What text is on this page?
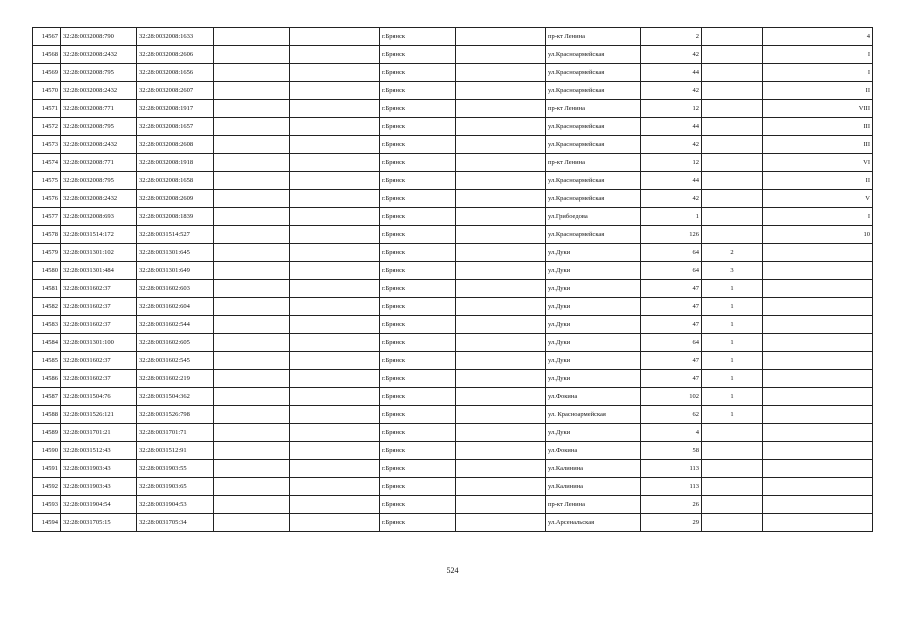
14567	32:28:0032008:790	32:28:0032008:1633			г.Брянск		пр-кт Ленина	2		4
14568	32:28:0032008:2432	32:28:0032008:2606			г.Брянск		ул.Красноармейская	42		I
14569	32:28:0032008:795	32:28:0032008:1656			г.Брянск		ул.Красноармейская	44		I
14570	32:28:0032008:2432	32:28:0032008:2607			г.Брянск		ул.Красноармейская	42		II
14571	32:28:0032008:771	32:28:0032008:1917			г.Брянск		пр-кт Ленина	12		VIII
14572	32:28:0032008:795	32:28:0032008:1657			г.Брянск		ул.Красноармейская	44		III
14573	32:28:0032008:2432	32:28:0032008:2608			г.Брянск		ул.Красноармейская	42		III
14574	32:28:0032008:771	32:28:0032008:1918			г.Брянск		пр-кт Ленина	12		VI
14575	32:28:0032008:795	32:28:0032008:1658			г.Брянск		ул.Красноармейская	44		II
14576	32:28:0032008:2432	32:28:0032008:2609			г.Брянск		ул.Красноармейская	42		V
14577	32:28:0032008:693	32:28:0032008:1839			г.Брянск		ул.Грибоедова	1		I
14578	32:28:0031514:172	32:28:0031514:527			г.Брянск		ул.Красноармейская	126		10
14579	32:28:0031301:102	32:28:0031301:645			г.Брянск		ул.Дуки	64	2	
14580	32:28:0031301:484	32:28:0031301:649			г.Брянск		ул.Дуки	64	3	
14581	32:28:0031602:37	32:28:0031602:603			г.Брянск		ул.Дуки	47	1	
14582	32:28:0031602:37	32:28:0031602:604			г.Брянск		ул.Дуки	47	1	
14583	32:28:0031602:37	32:28:0031602:544			г.Брянск		ул.Дуки	47	1	
14584	32:28:0031301:100	32:28:0031602:605			г.Брянск		ул.Дуки	64	1	
14585	32:28:0031602:37	32:28:0031602:545			г.Брянск		ул.Дуки	47	1	
14586	32:28:0031602:37	32:28:0031602:219			г.Брянск		ул.Дуки	47	1	
14587	32:28:0031504:76	32:28:0031504:362			г.Брянск		ул.Фокина	102	1	
14588	32:28:0031526:121	32:28:0031526:798			г.Брянск		ул. Красноармейская	62	1	
14589	32:28:0031701:21	32:28:0031701:71			г.Брянск		ул.Дуки	4		
14590	32:28:0031512:43	32:28:0031512:91			г.Брянск		ул.Фокина	58		
14591	32:28:0031903:43	32:28:0031903:55			г.Брянск		ул.Калинина	113		
14592	32:28:0031903:43	32:28:0031903:65			г.Брянск		ул.Калинина	113		
14593	32:28:0031904:54	32:28:0031904:53			г.Брянск		пр-кт Ленина	26		
14594	32:28:0031705:15	32:28:0031705:34			г.Брянск		ул.Арсенальская	29		
524
